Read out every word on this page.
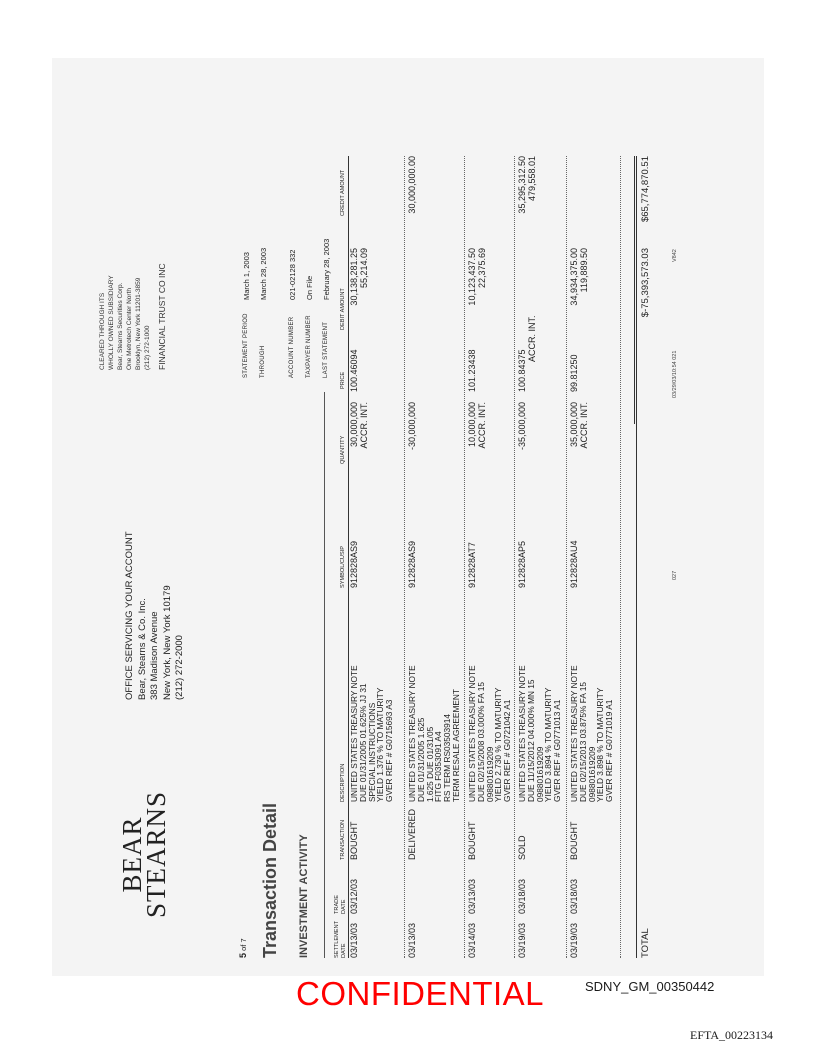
BEAR
STEARNS
OFFICE SERVICING YOUR ACCOUNT Bear, Stearns & Co. Inc. 383 Madison Avenue New York, New York 10179 (212) 272-2000
CLEARED THROUGH ITS WHOLLY OWNED SUBSIDIARY Bear, Stearns Securities Corp. One Metrotech Center North Brooklyn, New York 11201-3859 (212) 272-1000 FINANCIAL TRUST CO INC
5 of 7 Transaction Detail INVESTMENT ACTIVITY
STATEMENT PERIOD
March 1, 2003
THROUGH
March 28, 2003
ACCOUNT NUMBER
021-02128 332
TAXPAYER NUMBER
On File
LAST STATEMENT
February 28, 2003
SETTLEMENT DATE
TRADE DATE
TRANSACTION
DESCRIPTION
SYMBOL/CUSIP
QUANTITY
PRICE
DEBIT AMOUNT
CREDIT AMOUNT
03/13/03
03/12/03
BOUGHT
UNITED STATES TREASURY NOTE
DUE 01/31/2005 01.625% JJ 31
SPECIAL INSTRUCTIONS
YIELD 1.376 % TO MATURITY
GVER REF # G0715693 A3
912828AS9
30,000,000 ACCR. INT.
100.46094
30,138,281.25 55,214.09
03/13/03
DELIVERED
UNITED STATES TREASURY NOTE
DUE 01/31/2005 1.625
1.625 DUE 01/31/05
FITG F0353091 A4
RS TERM RS03503914
TERM RESALE AGREEMENT
912828AS9
-30,000,000
30,000,000.00
03/14/03
03/13/03
BOUGHT
UNITED STATES TREASURY NOTE
DUE 02/15/2008 03.000% FA 15
098801619209
YIELD 2.730 % TO MATURITY
GVER REF # G0721042 A1
912828AT7
10,000,000 ACCR. INT.
101.23438
10,123,437.50 22,375.69
03/19/03
03/18/03
SOLD
UNITED STATES TREASURY NOTE
DUE 11/15/2012 04.000% MN 15
098801619209
YIELD 3.894 % TO MATURITY
GVER REF # G0771013 A1
912828AP5
-35,000,000
100.84375
ACCR. INT.
35,295,312.50 479,558.01
03/19/03
03/18/03
BOUGHT
UNITED STATES TREASURY NOTE
DUE 02/15/2013 03.875% FA 15
098801619209
YIELD 3.898 % TO MATURITY
GVER REF # G0771019 A1
912828AU4
35,000,000 ACCR. INT.
99.81250
34,934,375.00 119,889.50
TOTAL
$-75,393,573.03
$65,774,870.51
027
03/29/03/10:54 021
V842
CONFIDENTIAL	SDNY_GM_00350442
EFTA_00223134
